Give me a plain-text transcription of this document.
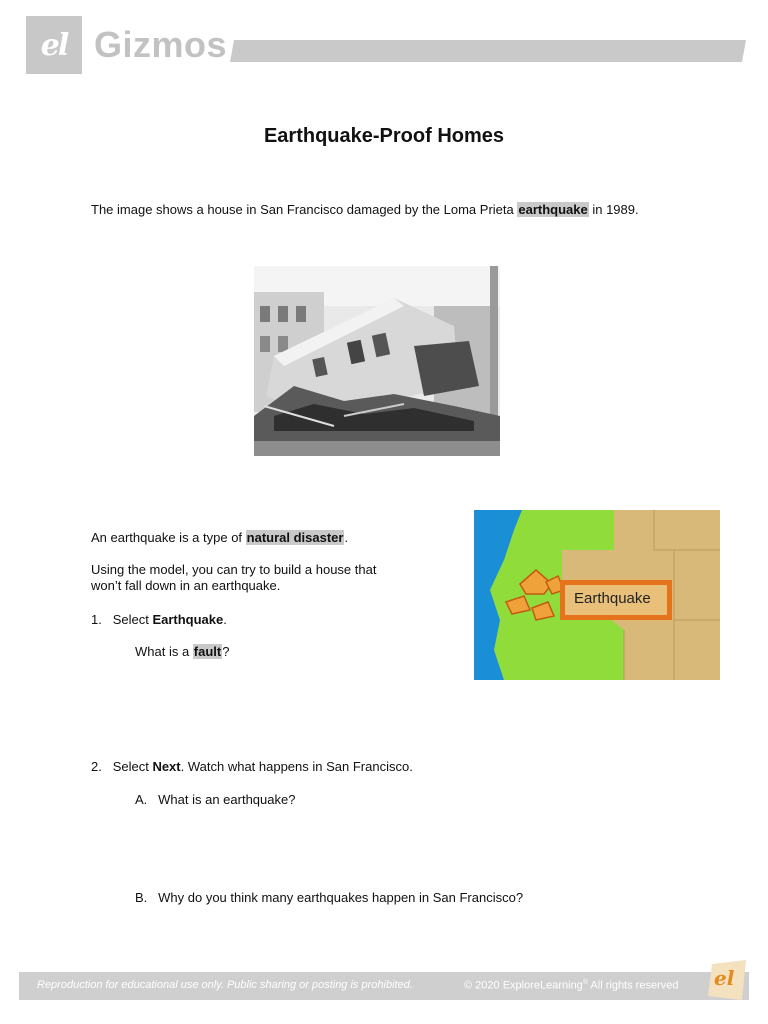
el Gizmos
Earthquake-Proof Homes
The image shows a house in San Francisco damaged by the Loma Prieta earthquake in 1989.
An earthquake is a type of natural disaster.
Using the model, you can try to build a house that
won’t fall down in an earthquake.
1. Select Earthquake.
What is a fault?
Earthquake
2. Select Next. Watch what happens in San Francisco.
A. What is an earthquake?
B. Why do you think many earthquakes happen in San Francisco?
Reproduction for educational use only. Public sharing or posting is prohibited.	© 2020 ExploreLearning® All rights reserved el
